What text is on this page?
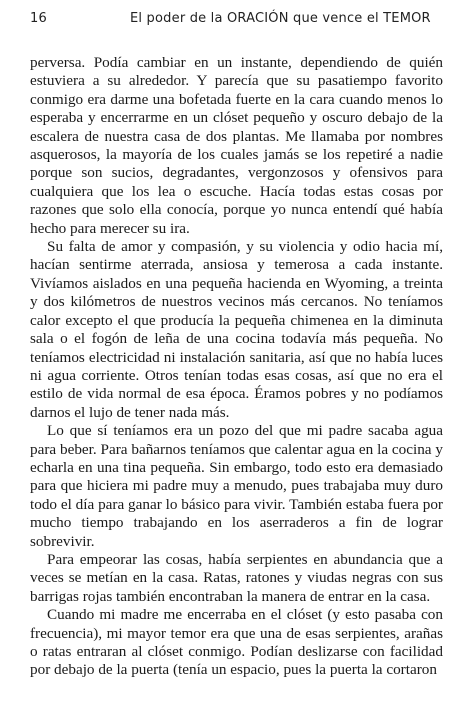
16	El poder de la ORACIÓN que vence el TEMOR

perversa. Podía cambiar en un instante, dependiendo de quién estuviera a su alrededor. Y parecía que su pasatiempo favorito conmigo era darme una bofetada fuerte en la cara cuando menos lo esperaba y encerrarme en un clóset pequeño y oscuro debajo de la escalera de nuestra casa de dos plantas. Me llamaba por nombres asquerosos, la mayoría de los cuales jamás se los repetiré a nadie porque son sucios, degradantes, vergonzosos y ofensivos para cualquiera que los lea o escuche. Hacía todas estas cosas por razones que solo ella conocía, porque yo nunca entendí qué había hecho para merecer su ira.

Su falta de amor y compasión, y su violencia y odio hacia mí, hacían sentirme aterrada, ansiosa y temerosa a cada instante. Vivíamos aislados en una pequeña hacienda en Wyoming, a treinta y dos kilómetros de nuestros vecinos más cercanos. No teníamos calor excepto el que producía la pequeña chimenea en la diminuta sala o el fogón de leña de una cocina todavía más pequeña. No teníamos electricidad ni instalación sanitaria, así que no había luces ni agua corriente. Otros tenían todas esas cosas, así que no era el estilo de vida normal de esa época. Éramos pobres y no podíamos darnos el lujo de tener nada más.

Lo que sí teníamos era un pozo del que mi padre sacaba agua para beber. Para bañarnos teníamos que calentar agua en la cocina y echarla en una tina pequeña. Sin embargo, todo esto era demasiado para que hiciera mi padre muy a menudo, pues trabajaba muy duro todo el día para ganar lo básico para vivir. También estaba fuera por mucho tiempo trabajando en los aserraderos a fin de lograr sobrevivir.

Para empeorar las cosas, había serpientes en abundancia que a veces se metían en la casa. Ratas, ratones y viudas negras con sus barrigas rojas también encontraban la manera de entrar en la casa.

Cuando mi madre me encerraba en el clóset (y esto pasaba con frecuencia), mi mayor temor era que una de esas serpientes, arañas o ratas entraran al clóset conmigo. Podían deslizarse con facilidad por debajo de la puerta (tenía un espacio, pues la puerta la cortaron
